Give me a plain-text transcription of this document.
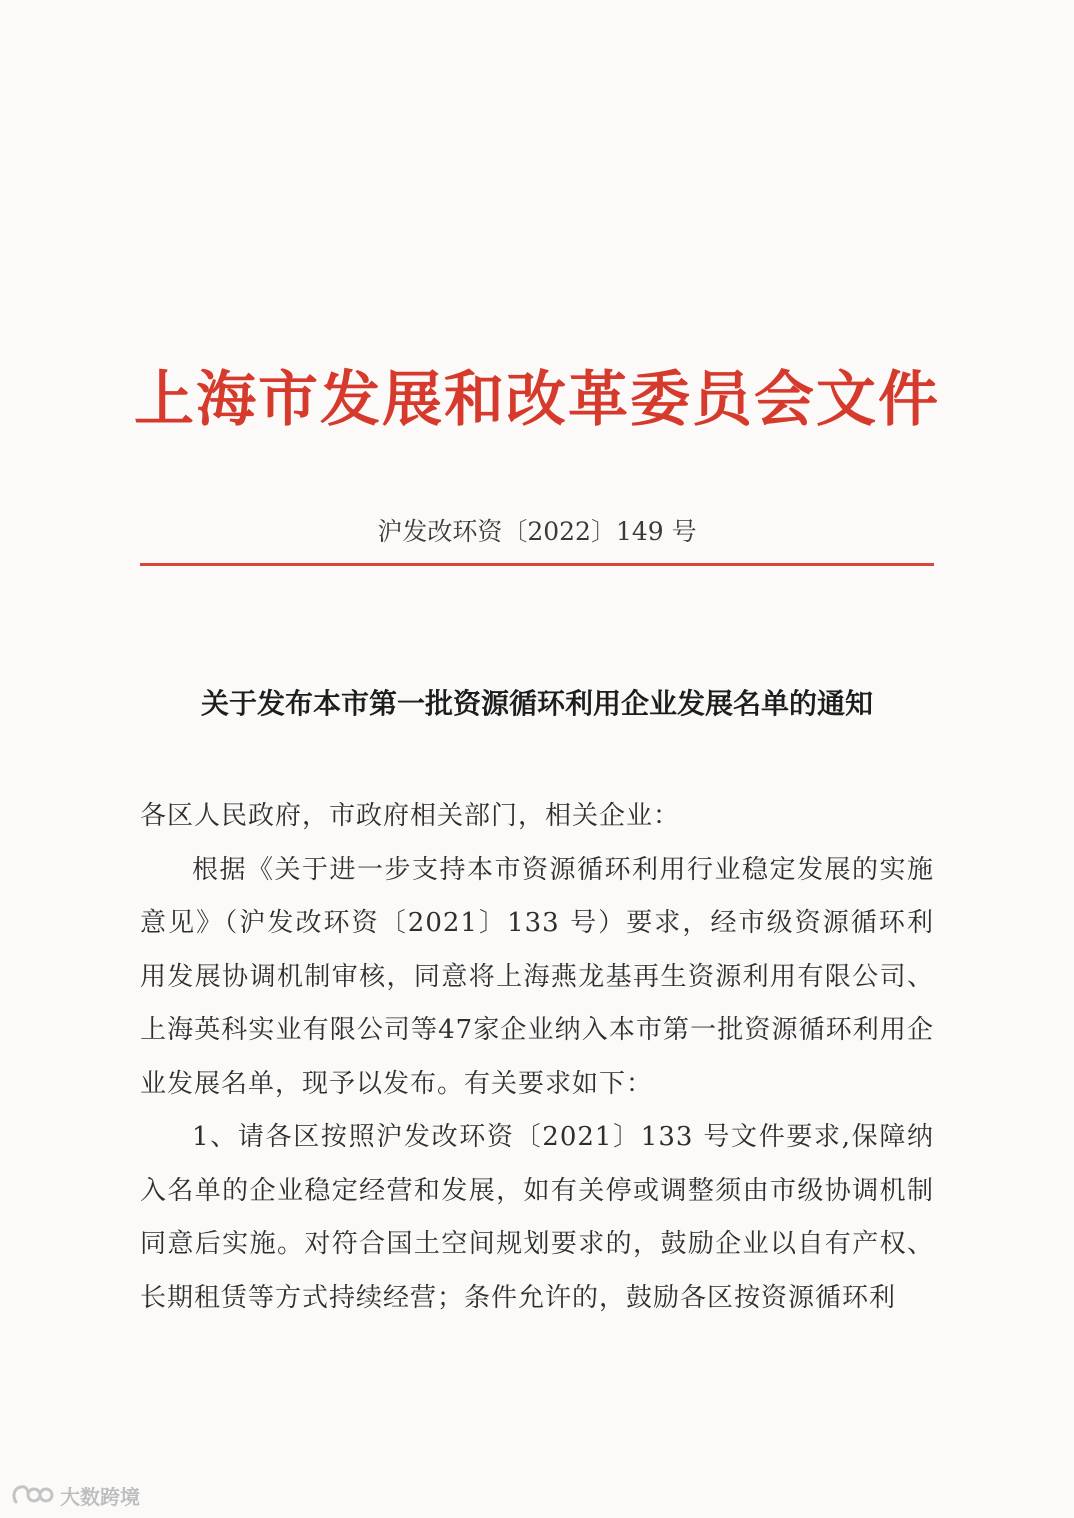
上海市发展和改革委员会文件
沪发改环资〔2022〕149 号
关于发布本市第一批资源循环利用企业发展名单的通知

各区人民政府，市政府相关部门，相关企业：

根据《关于进一步支持本市资源循环利用行业稳定发展的实施意见》（沪发改环资〔2021〕133 号）要求，经市级资源循环利用发展协调机制审核，同意将上海燕龙基再生资源利用有限公司、上海英科实业有限公司等47家企业纳入本市第一批资源循环利用企业发展名单，现予以发布。有关要求如下：

1、请各区按照沪发改环资〔2021〕133 号文件要求,保障纳入名单的企业稳定经营和发展，如有关停或调整须由市级协调机制同意后实施。对符合国土空间规划要求的，鼓励企业以自有产权、长期租赁等方式持续经营；条件允许的，鼓励各区按资源循环利

大数跨境
